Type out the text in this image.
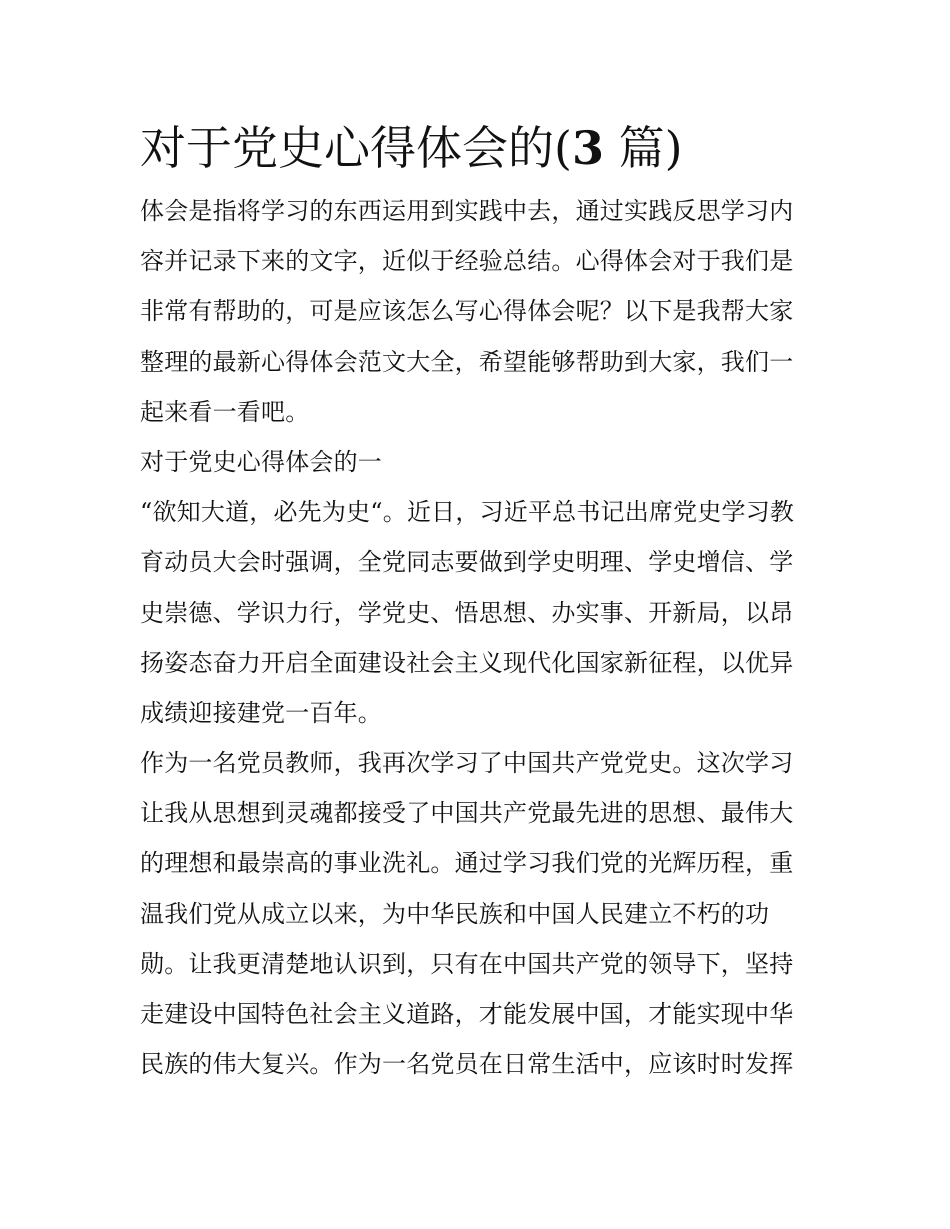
对于党史心得体会的(3 篇)
体会是指将学习的东西运用到实践中去，通过实践反思学习内
容并记录下来的文字，近似于经验总结。心得体会对于我们是
非常有帮助的，可是应该怎么写心得体会呢？以下是我帮大家
整理的最新心得体会范文大全，希望能够帮助到大家，我们一
起来看一看吧。
对于党史心得体会的一
“欲知大道，必先为史“。近日，习近平总书记出席党史学习教
育动员大会时强调，全党同志要做到学史明理、学史增信、学
史崇德、学识力行，学党史、悟思想、办实事、开新局，以昂
扬姿态奋力开启全面建设社会主义现代化国家新征程，以优异
成绩迎接建党一百年。
作为一名党员教师，我再次学习了中国共产党党史。这次学习
让我从思想到灵魂都接受了中国共产党最先进的思想、最伟大
的理想和最崇高的事业洗礼。通过学习我们党的光辉历程，重
温我们党从成立以来，为中华民族和中国人民建立不朽的功
勋。让我更清楚地认识到，只有在中国共产党的领导下，坚持
走建设中国特色社会主义道路，才能发展中国，才能实现中华
民族的伟大复兴。作为一名党员在日常生活中，应该时时发挥
